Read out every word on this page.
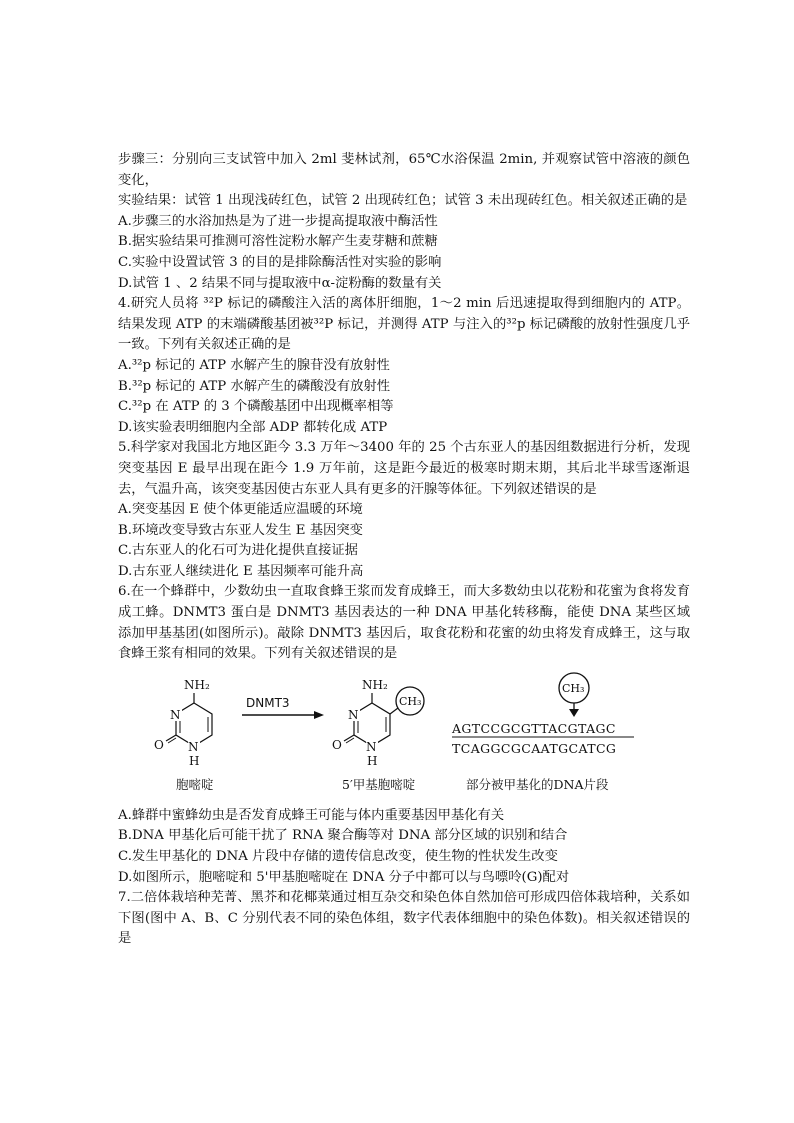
步骤三：分别向三支试管中加入 2ml 斐林试剂，65℃水浴保温 2min, 并观察试管中溶液的颜色变化，

实验结果：试管 1 出现浅砖红色，试管 2 出现砖红色；试管 3 未出现砖红色。相关叙述正确的是

A.步骤三的水浴加热是为了进一步提高提取液中酶活性

B.据实验结果可推测可溶性淀粉水解产生麦芽糖和蔗糖

C.实验中设置试管 3 的目的是排除酶活性对实验的影响

D.试管 1 、2 结果不同与提取液中α-淀粉酶的数量有关

4.研究人员将 ³²P 标记的磷酸注入活的离体肝细胞，1～2 min 后迅速提取得到细胞内的 ATP。结果发现 ATP 的末端磷酸基团被³²P 标记，并测得 ATP 与注入的³²p 标记磷酸的放射性强度几乎一致。下列有关叙述正确的是

A.³²p 标记的 ATP 水解产生的腺苷没有放射性

B.³²p 标记的 ATP 水解产生的磷酸没有放射性

C.³²p 在 ATP 的 3 个磷酸基团中出现概率相等

D.该实验表明细胞内全部 ADP 都转化成 ATP

5.科学家对我国北方地区距今 3.3 万年～3400 年的 25 个古东亚人的基因组数据进行分析，发现突变基因 E 最早出现在距今 1.9 万年前，这是距今最近的极寒时期末期，其后北半球雪逐渐退去，气温升高，该突变基因使古东亚人具有更多的汗腺等体征。下列叙述错误的是

A.突变基因 E 使个体更能适应温暖的环境

B.环境改变导致古东亚人发生 E 基因突变

C.古东亚人的化石可为进化提供直接证据

D.古东亚人继续进化 E 基因频率可能升高

6.在一个蜂群中，少数幼虫一直取食蜂王浆而发育成蜂王，而大多数幼虫以花粉和花蜜为食将发育成工蜂。DNMT3 蛋白是 DNMT3 基因表达的一种 DNA 甲基化转移酶，能使 DNA 某些区域添加甲基基团(如图所示)。敲除 DNMT3 基因后，取食花粉和花蜜的幼虫将发育成蜂王，这与取食蜂王浆有相同的效果。下列有关叙述错误的是

NH₂
N
N
O
H
DNMT3
NH₂
N
N
O
H
CH₃
CH₃
AGTCCGCGTTACGTAGC
TCAGGCGCAATGCATCG
胞嘧啶	5′甲基胞嘧啶	部分被甲基化的DNA片段

A.蜂群中蜜蜂幼虫是否发育成蜂王可能与体内重要基因甲基化有关

B.DNA 甲基化后可能干扰了 RNA 聚合酶等对 DNA 部分区域的识别和结合

C.发生甲基化的 DNA 片段中存储的遗传信息改变，使生物的性状发生改变

D.如图所示，胞嘧啶和 5'甲基胞嘧啶在 DNA 分子中都可以与鸟嘌呤(G)配对

7.二倍体栽培种芜菁、黑芥和花椰菜通过相互杂交和染色体自然加倍可形成四倍体栽培种，关系如下图(图中 A、B、C 分别代表不同的染色体组，数字代表体细胞中的染色体数)。相关叙述错误的是
